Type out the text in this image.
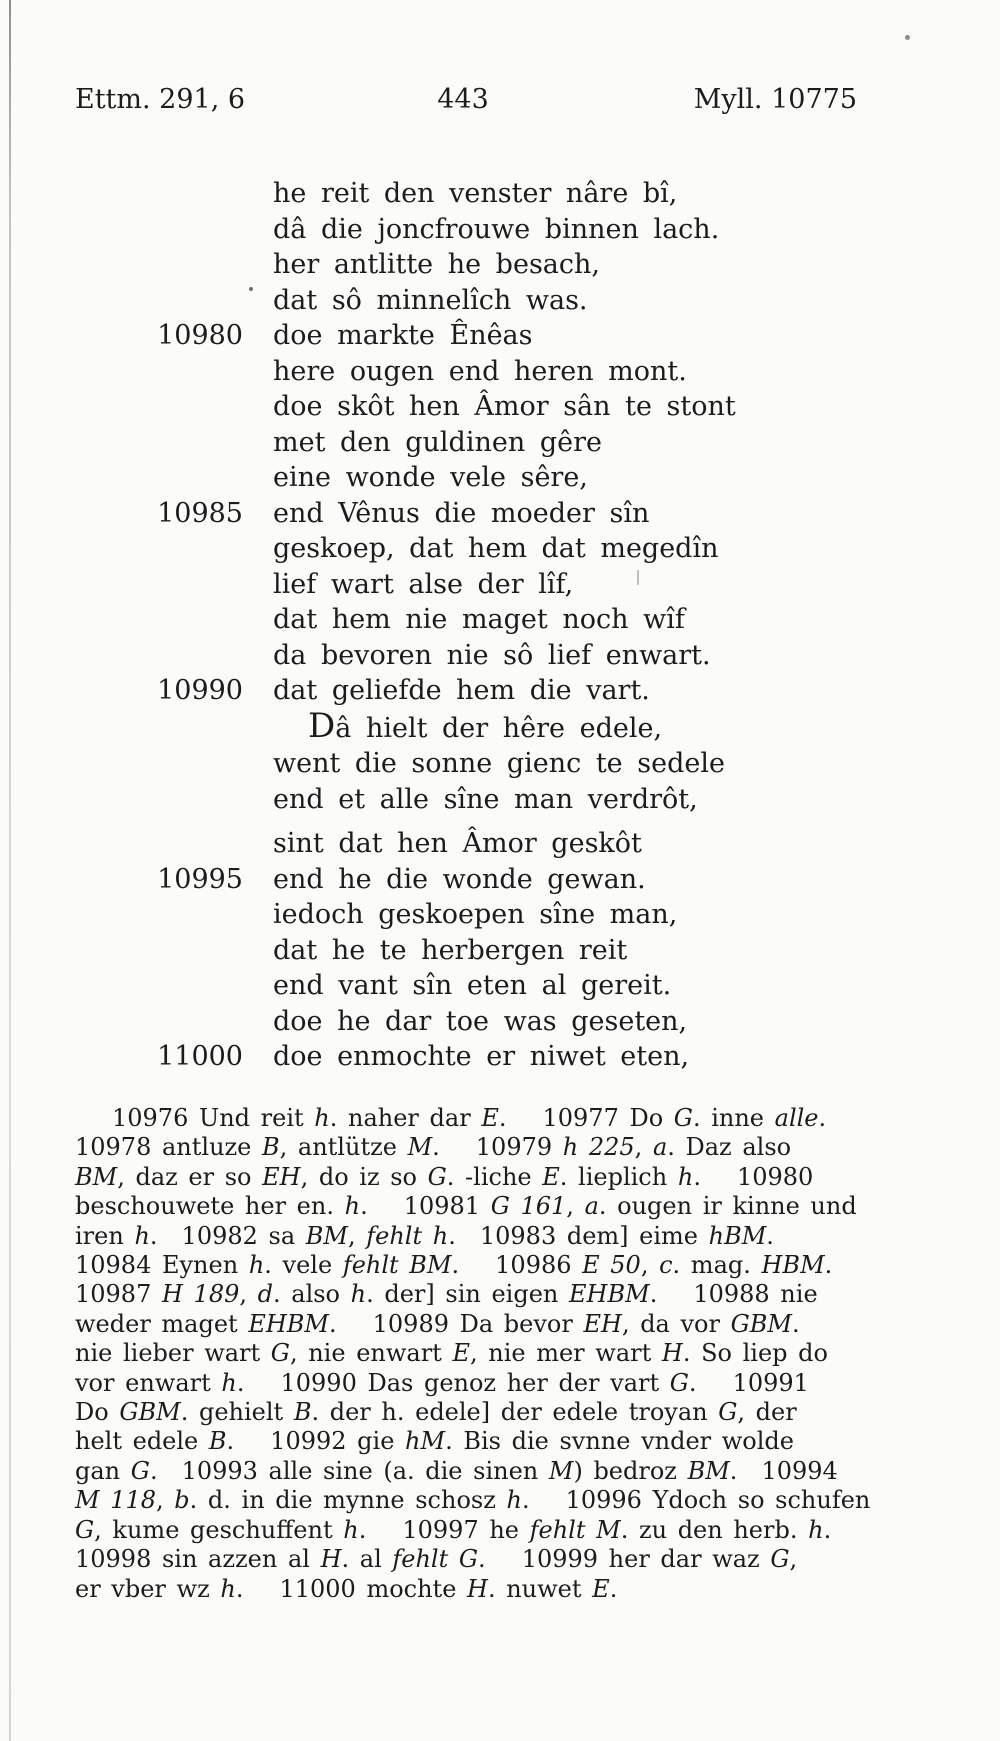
Ettm. 291, 6	443	Myll. 10775
he reit den venster nâre bî,
dâ die joncfrouwe binnen lach.
her antlitte he besach,
dat sô minnelîch was.
10980 doe markte Ênêas
here ougen end heren mont.
doe skôt hen Âmor sân te stont
met den guldinen gêre
eine wonde vele sêre,
10985 end Vênus die moeder sîn
geskoep, dat hem dat megedîn
lief wart alse der lîf,
dat hem nie maget noch wîf
da bevoren nie sô lief enwart.
10990 dat geliefde hem die vart.
Dâ hielt der hêre edele,
went die sonne gienc te sedele
end et alle sîne man verdrôt,
sint dat hen Âmor geskôt
10995 end he die wonde gewan.
iedoch geskoepen sîne man,
dat he te herbergen reit
end vant sîn eten al gereit.
doe he dar toe was geseten,
11000 doe enmochte er niwet eten,
10976 Und reit h. naher dar E.    10977 Do G. inne alle.
10978 antluze B, antlütze M.    10979 h 225, a. Daz also
BM, daz er so EH, do iz so G. -liche E. lieplich h.    10980
beschouwete her en. h.    10981 G 161, a. ougen ir kinne und
iren h.   10982 sa BM, fehlt h.   10983 dem] eime hBM.
10984 Eynen h. vele fehlt BM.    10986 E 50, c. mag. HBM.
10987 H 189, d. also h. der] sin eigen EHBM.    10988 nie
weder maget EHBM.    10989 Da bevor EH, da vor GBM.
nie lieber wart G, nie enwart E, nie mer wart H. So liep do
vor enwart h.    10990 Das genoz her der vart G.    10991
Do GBM. gehielt B. der h. edele] der edele troyan G, der
helt edele B.    10992 gie hM. Bis die svnne vnder wolde
gan G.   10993 alle sine (a. die sinen M) bedroz BM.   10994
M 118, b. d. in die mynne schosz h.    10996 Ydoch so schufen
G, kume geschuffent h.    10997 he fehlt M. zu den herb. h.
10998 sin azzen al H. al fehlt G.    10999 her dar waz G,
er vber wz h.    11000 mochte H. nuwet E.
